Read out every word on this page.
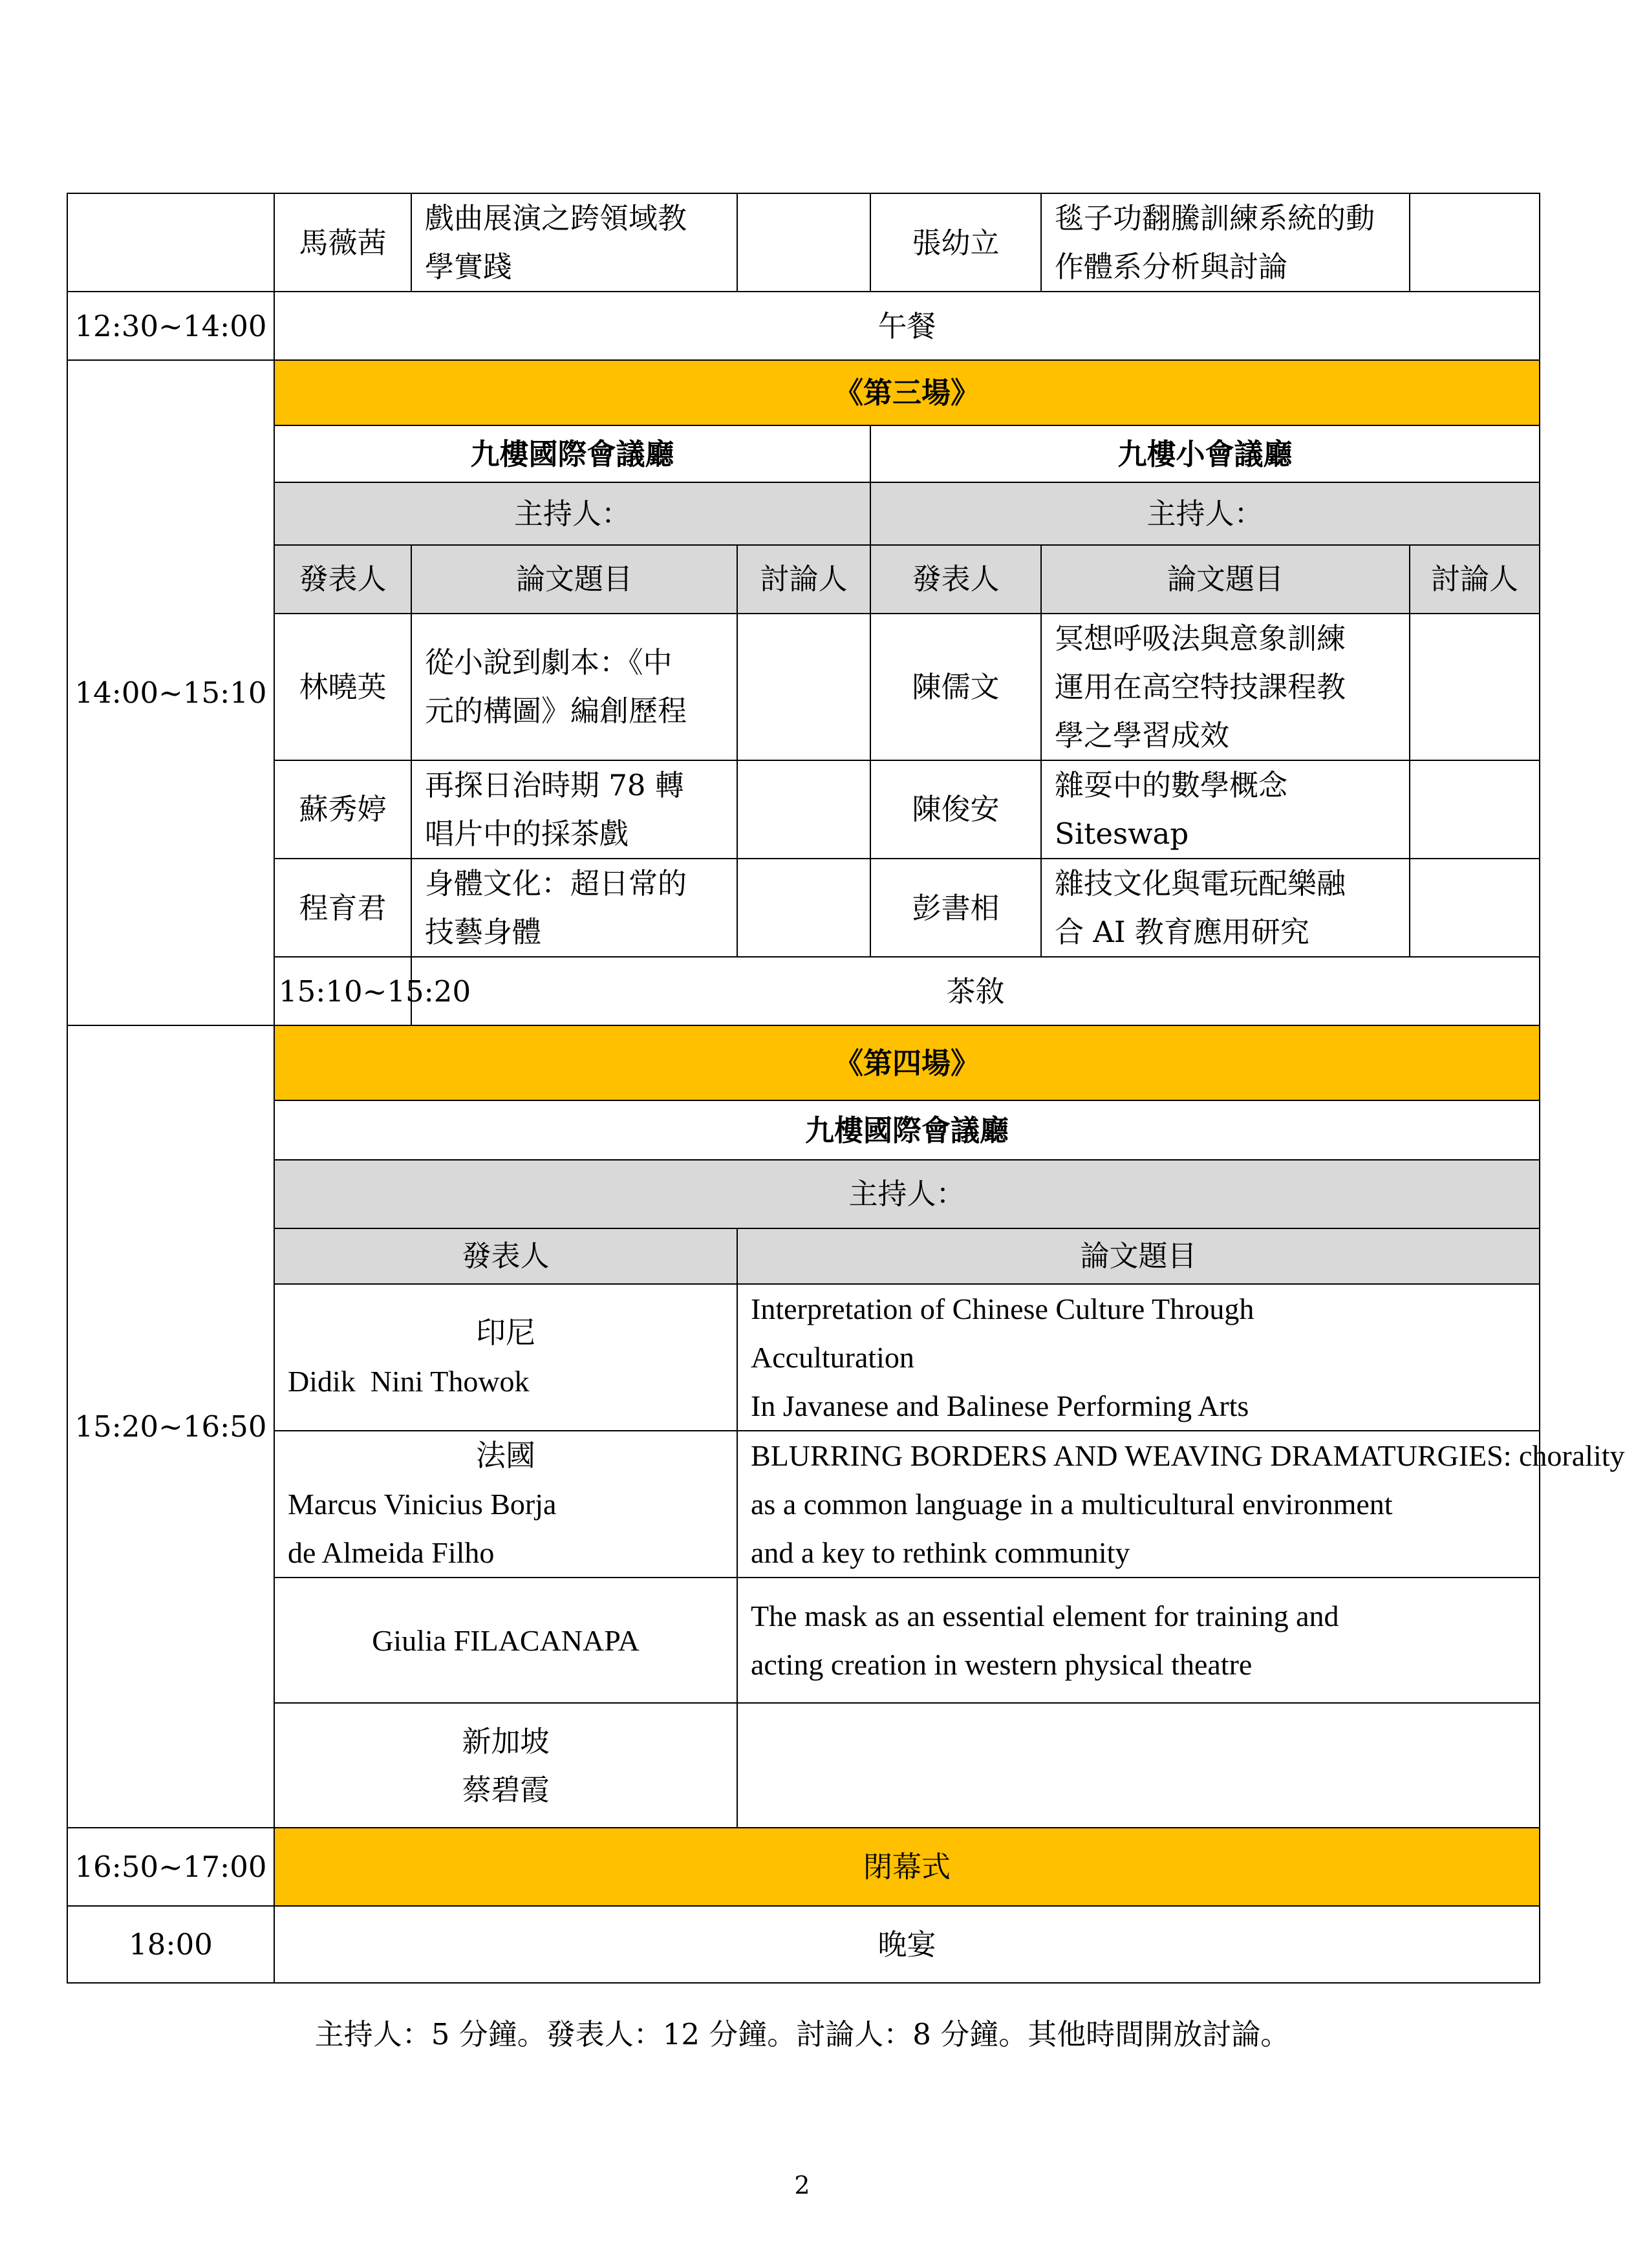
	馬薇茜	戲曲展演之跨領域教
學實踐		張幼立	毯子功翻騰訓練系統的動
作體系分析與討論	

12:30~14:00	午餐					
14:00~15:10	《第三場》					
	九樓國際會議廳			九樓小會議廳		
	主持人：			主持人：		
	發表人	論文題目	討論人	發表人	論文題目	討論人
	林曉英	從小說到劇本：《中
元的構圖》編創歷程		陳儒文	冥想呼吸法與意象訓練
運用在高空特技課程教
學之學習成效	

	蘇秀婷	再探日治時期 78 轉
唱片中的採茶戲		陳俊安	雜耍中的數學概念
Siteswap	

	程育君	身體文化：超日常的
技藝身體		彭書相	雜技文化與電玩配樂融
合 AI 教育應用研究	

	15:10~15:20	茶敘				
15:20~16:50	《第四場》					
	九樓國際會議廳					
	主持人：					
	發表人		論文題目			

	印尼
Didik  Nini Thowok		Interpretation of Chinese Culture Through
Acculturation
In Javanese and Balinese Performing Arts			

	法國
Marcus Vinicius Borja
de Almeida Filho		BLURRING BORDERS AND WEAVING DRAMATURGIES: chorality
as a common language in a multicultural environment
and a key to rethink community			

	Giulia FILACANAPA		The mask as an essential element for training and
acting creation in western physical theatre			

	新加坡
蔡碧霞					

16:50~17:00	閉幕式					
18:00	晚宴					
主持人：5 分鐘。發表人：12 分鐘。討論人：8 分鐘。其他時間開放討論。
2
